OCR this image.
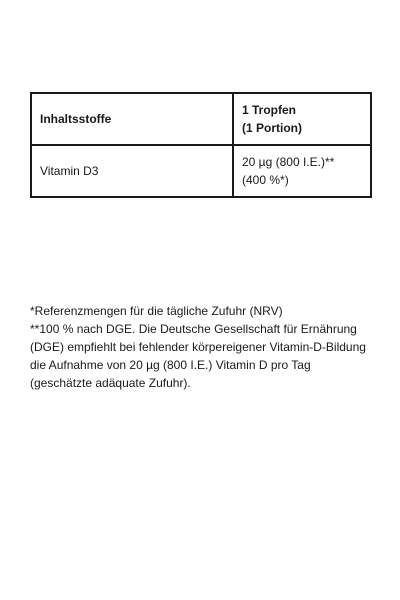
Inhaltsstoffe	1 Tropfen
(1 Portion)

Vitamin D3	20 µg (800 I.E.)**
(400 %*)

*Referenzmengen für die tägliche Zufuhr (NRV)

**100 % nach DGE. Die Deutsche Gesellschaft für Ernährung (DGE) empfiehlt bei fehlender körpereigener Vitamin-D-Bildung die Aufnahme von 20 µg (800 I.E.) Vitamin D pro Tag (geschätzte adäquate Zufuhr).
